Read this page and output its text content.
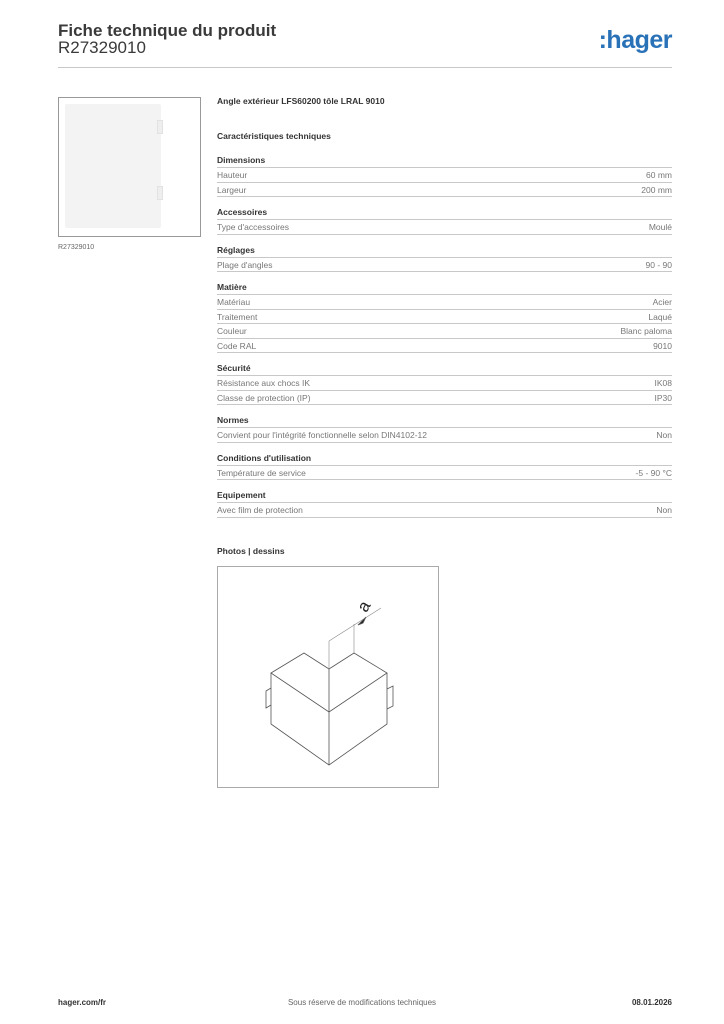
Fiche technique du produit
R27329010	:hager
R27329010
Angle extérieur LFS60200 tôle LRAL 9010
Caractéristiques techniques
Dimensions
Hauteur	60 mm
Largeur	200 mm
Accessoires
Type d'accessoires	Moulé
Réglages
Plage d'angles	90 - 90
Matière
Matériau	Acier
Traitement	Laqué
Couleur	Blanc paloma
Code RAL	9010
Sécurité
Résistance aux chocs IK	IK08
Classe de protection (IP)	IP30
Normes
Convient pour l'intégrité fonctionnelle selon DIN4102-12	Non
Conditions d'utilisation
Température de service	-5 - 90 °C
Equipement
Avec film de protection	Non
Photos | dessins
a
hager.com/fr	Sous réserve de modifications techniques	08.01.2026
